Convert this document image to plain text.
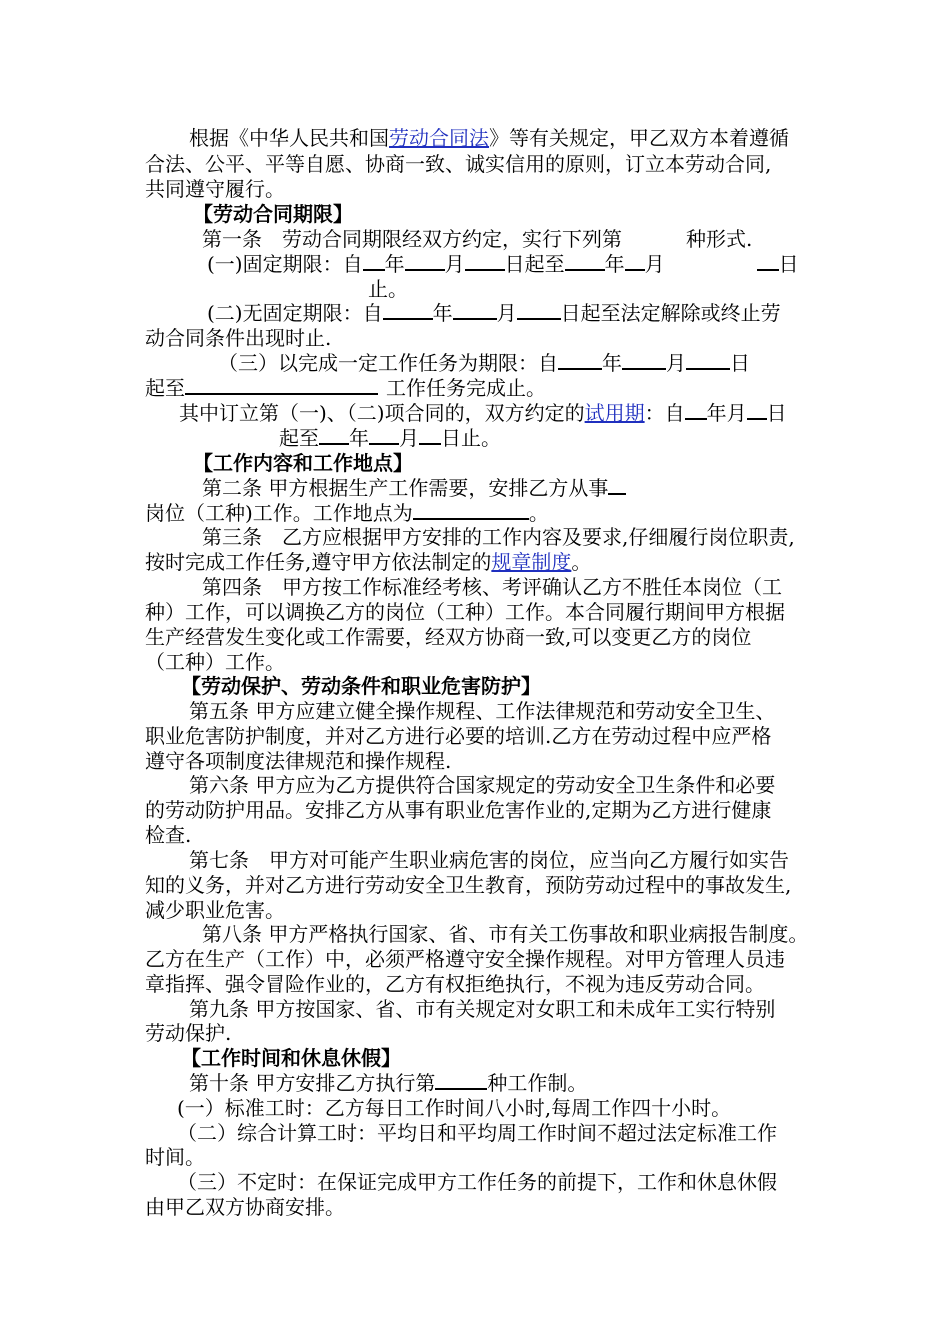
根据《中华人民共和国劳动合同法》等有关规定，甲乙双方本着遵循
合法、公平、平等自愿、协商一致、诚实信用的原则，订立本劳动合同,
共同遵守履行。
【劳动合同期限】
第一条　劳动合同期限经双方约定，实行下列第	种形式.
(一)固定期限：自 年 月 日起至 年 月	日
止。
(二)无固定期限：自	年 月 日起至法定解除或终止劳
动合同条件出现时止.
（三）以完成一定工作任务为期限：自 年 月 日
起至	工作任务完成止。
其中订立第（一)、（二)项合同的，双方约定的试用期：自 年月 日
起至 年 月 日止。
【工作内容和工作地点】
第二条 甲方根据生产工作需要，安排乙方从事
岗位（工种)工作。工作地点为	。
第三条　乙方应根据甲方安排的工作内容及要求,仔细履行岗位职责,
按时完成工作任务,遵守甲方依法制定的规章制度。
第四条　甲方按工作标准经考核、考评确认乙方不胜任本岗位（工
种）工作，可以调换乙方的岗位（工种）工作。本合同履行期间甲方根据
生产经营发生变化或工作需要，经双方协商一致,可以变更乙方的岗位
（工种）工作。
【劳动保护、劳动条件和职业危害防护】
第五条 甲方应建立健全操作规程、工作法律规范和劳动安全卫生、
职业危害防护制度，并对乙方进行必要的培训.乙方在劳动过程中应严格
遵守各项制度法律规范和操作规程.
第六条 甲方应为乙方提供符合国家规定的劳动安全卫生条件和必要
的劳动防护用品。安排乙方从事有职业危害作业的,定期为乙方进行健康
检查.
第七条　甲方对可能产生职业病危害的岗位，应当向乙方履行如实告
知的义务，并对乙方进行劳动安全卫生教育，预防劳动过程中的事故发生,
减少职业危害。
第八条 甲方严格执行国家、省、市有关工伤事故和职业病报告制度。
乙方在生产（工作）中，必须严格遵守安全操作规程。对甲方管理人员违
章指挥、强令冒险作业的，乙方有权拒绝执行，不视为违反劳动合同。
第九条 甲方按国家、省、市有关规定对女职工和未成年工实行特别
劳动保护.
【工作时间和休息休假】
第十条 甲方安排乙方执行第	种工作制。
(一）标准工时：乙方每日工作时间八小时,每周工作四十小时。
（二）综合计算工时：平均日和平均周工作时间不超过法定标准工作
时间。
（三）不定时：在保证完成甲方工作任务的前提下，工作和休息休假
由甲乙双方协商安排。
